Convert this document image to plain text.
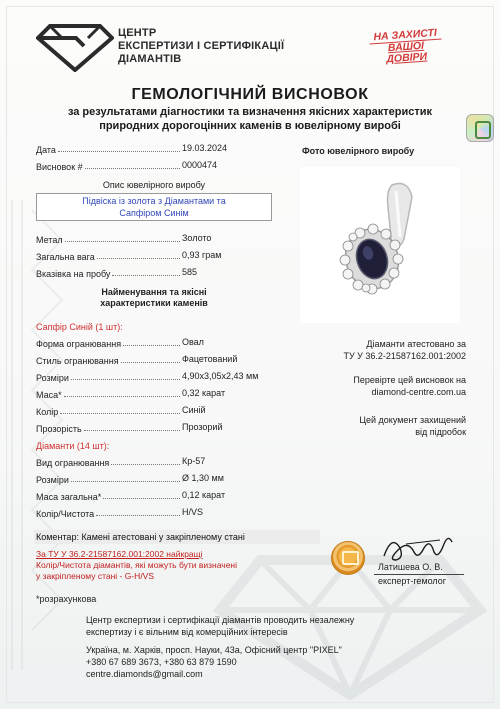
ЦЕНТР
ЕКСПЕРТИЗИ І СЕРТИФІКАЦІЇ
ДІАМАНТІВ
НА ЗАХИСТІ
ВАШОЇ
ДОВІРИ
ГЕМОЛОГІЧНИЙ ВИСНОВОК
за результатами діагностики та визначення якісних характеристик
природних дорогоцінних каменів в ювелірному виробі
Дата	19.03.2024
Висновок #	0000474
Опис ювелірного виробу
Підвіска із золота з Діамантами та
Сапфіром Синім
Метал	Золото
Загальна вага	0,93 грам
Вказівка на пробу	585
Найменування та якісні
характеристики каменів
Сапфір Синій (1 шт):
Форма огранювання	Овал
Стиль огранювання	Фацетований
Розміри	4,90х3,05х2,43 мм
Маса*	0,32 карат
Колір	Синій
Прозорість	Прозорий
Діаманти (14 шт):
Вид огранювання	Кр-57
Розміри	Ø 1,30 мм
Маса загальна*	0,12 карат
Колір/Чистота	H/VS
Фото ювелірного виробу
Діаманти атестовано за
ТУ У 36.2-21587162.001:2002
Перевірте цей висновок на
diamond-centre.com.ua
Цей документ захищений
від підробок
Коментар: Камені атестовані у закріпленому стані
За ТУ У 36.2-21587162.001:2002 найкращі
Колір/Чистота діамантів, які можуть бути визначені
у закріпленому стані - G-H/VS
Латишева О. В.
експерт-гемолог
*розрахункова
Центр експертизи і сертифікації діамантів проводить незалежну
експертизу і є вільним від комерційних інтересів
Україна, м. Харків, просп. Науки, 43а, Офісний центр "PIXEL"
+380 67 689 3673, +380 63 879 1590
centre.diamonds@gmail.com
